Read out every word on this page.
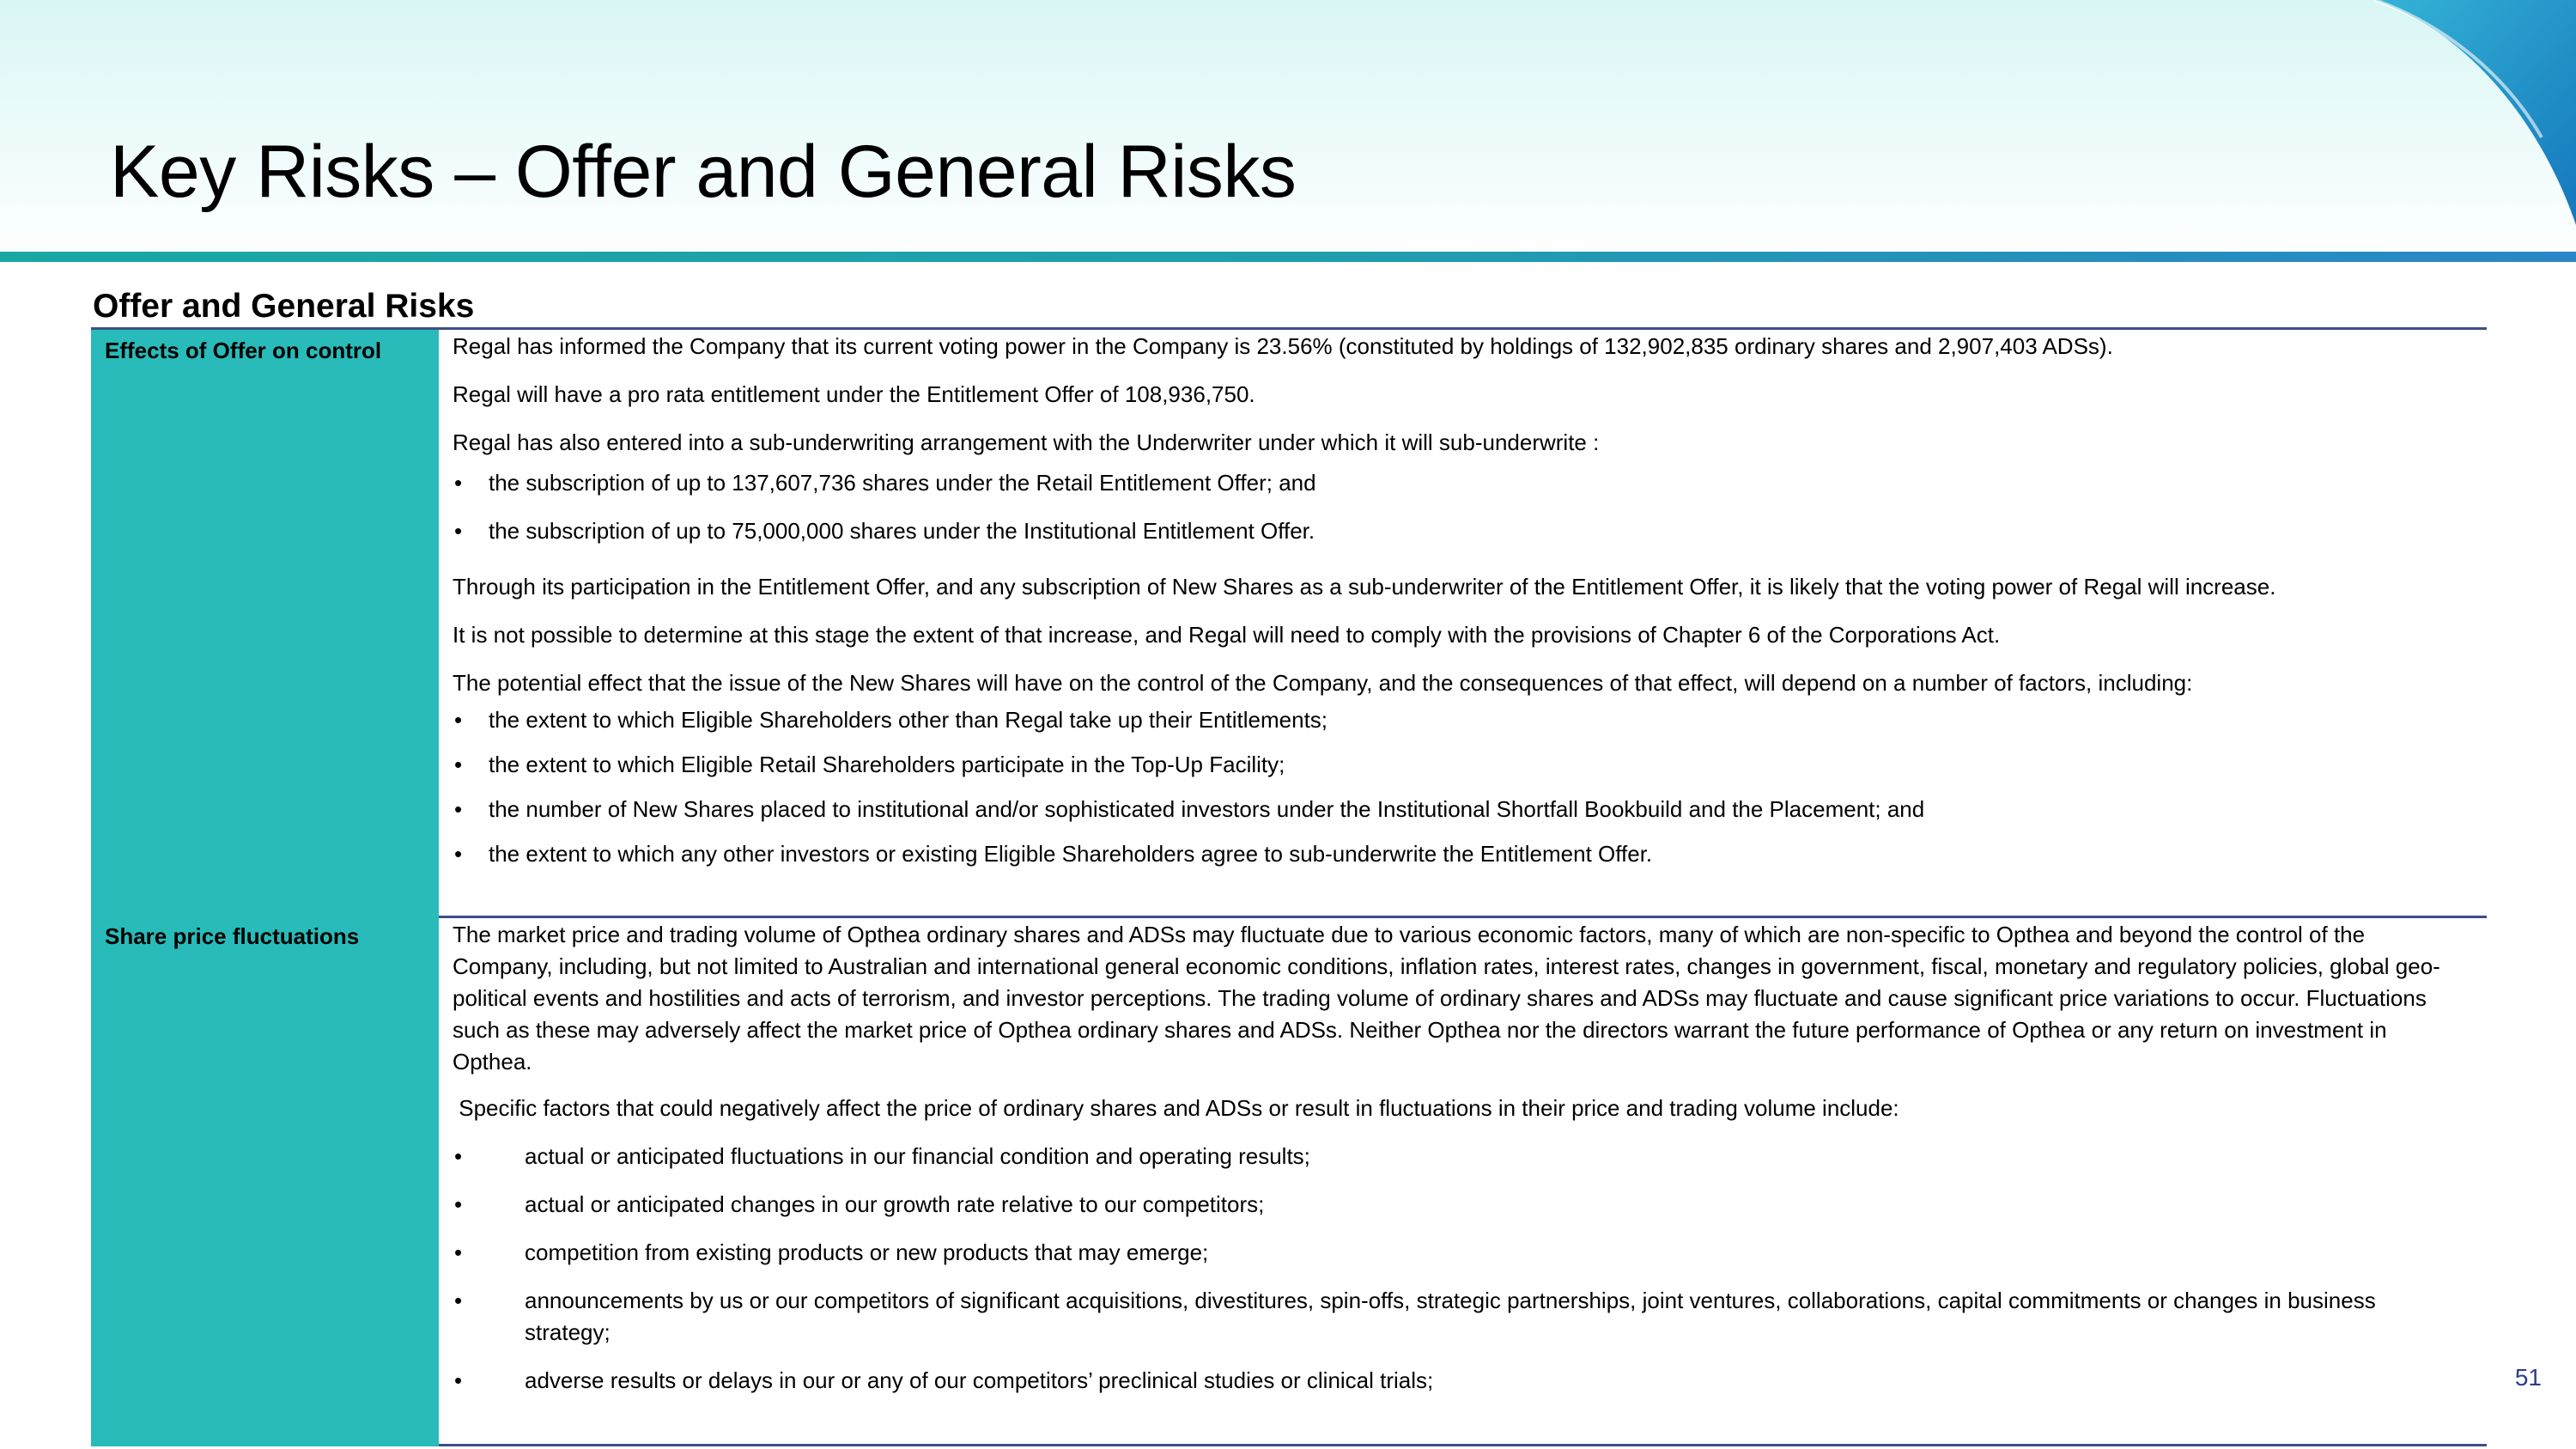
Key Risks – Offer and General Risks
Offer and General Risks
Effects of Offer on control	Regal has informed the Company that its current voting power in the Company is 23.56% (constituted by holdings of 132,902,835 ordinary shares and 2,907,403 ADSs).

Regal will have a pro rata entitlement under the Entitlement Offer of 108,936,750.

Regal has also entered into a sub-underwriting arrangement with the Underwriter under which it will sub-underwrite :

• the subscription of up to 137,607,736 shares under the Retail Entitlement Offer; and
• the subscription of up to 75,000,000 shares under the Institutional Entitlement Offer.

Through its participation in the Entitlement Offer, and any subscription of New Shares as a sub-underwriter of the Entitlement Offer, it is likely that the voting power of Regal will increase.

It is not possible to determine at this stage the extent of that increase, and Regal will need to comply with the provisions of Chapter 6 of the Corporations Act.

The potential effect that the issue of the New Shares will have on the control of the Company, and the consequences of that effect, will depend on a number of factors, including:

• the extent to which Eligible Shareholders other than Regal take up their Entitlements;
• the extent to which Eligible Retail Shareholders participate in the Top-Up Facility;
• the number of New Shares placed to institutional and/or sophisticated investors under the Institutional Shortfall Bookbuild and the Placement; and
• the extent to which any other investors or existing Eligible Shareholders agree to sub-underwrite the Entitlement Offer.
Share price fluctuations	The market price and trading volume of Opthea ordinary shares and ADSs may fluctuate due to various economic factors, many of which are non-specific to Opthea and beyond the control of the Company, including, but not limited to Australian and international general economic conditions, inflation rates, interest rates, changes in government, fiscal, monetary and regulatory policies, global geo-political events and hostilities and acts of terrorism, and investor perceptions. The trading volume of ordinary shares and ADSs may fluctuate and cause significant price variations to occur. Fluctuations such as these may adversely affect the market price of Opthea ordinary shares and ADSs. Neither Opthea nor the directors warrant the future performance of Opthea or any return on investment in Opthea.

Specific factors that could negatively affect the price of ordinary shares and ADSs or result in fluctuations in their price and trading volume include:

•	actual or anticipated fluctuations in our financial condition and operating results;
•	actual or anticipated changes in our growth rate relative to our competitors;
•	competition from existing products or new products that may emerge;
•	announcements by us or our competitors of significant acquisitions, divestitures, spin-offs, strategic partnerships, joint ventures, collaborations, capital commitments or changes in business strategy;
•	adverse results or delays in our or any of our competitors’ preclinical studies or clinical trials;	51
